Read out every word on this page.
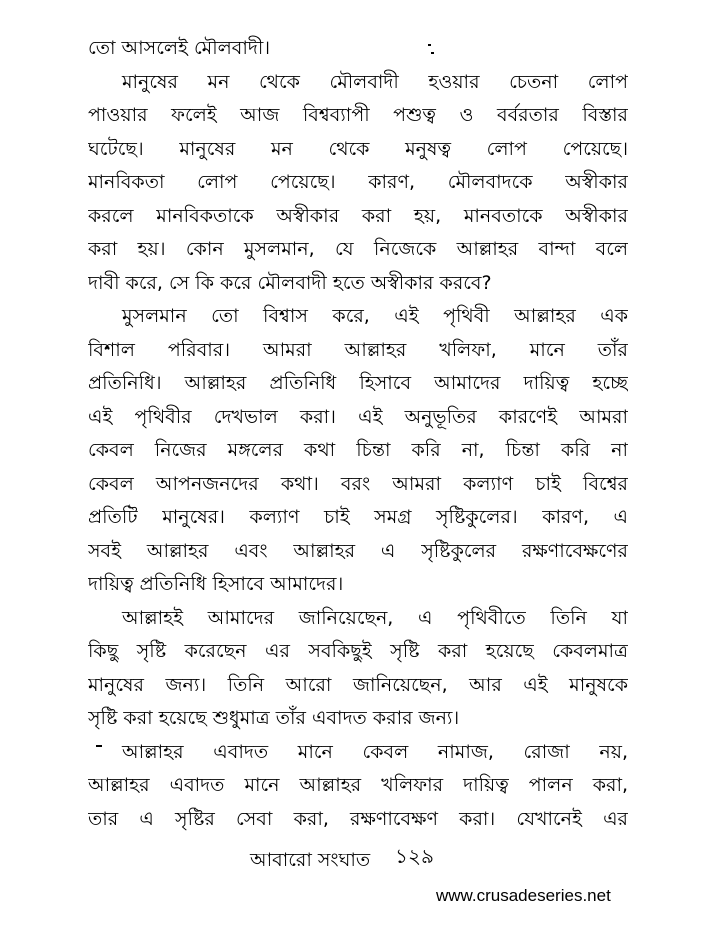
তো আসলেই মৌলবাদী।
মানুষের মন থেকে মৌলবাদী হওয়ার চেতনা লোপ
পাওয়ার ফলেই আজ বিশ্বব্যাপী পশুত্ব ও বর্বরতার বিস্তার
ঘটেছে। মানুষের মন থেকে মনুষত্ব লোপ পেয়েছে।
মানবিকতা লোপ পেয়েছে। কারণ, মৌলবাদকে অস্বীকার
করলে মানবিকতাকে অস্বীকার করা হয়, মানবতাকে অস্বীকার
করা হয়। কোন মুসলমান, যে নিজেকে আল্লাহর বান্দা বলে
দাবী করে, সে কি করে মৌলবাদী হতে অস্বীকার করবে?
মুসলমান তো বিশ্বাস করে, এই পৃথিবী আল্লাহর এক
বিশাল পরিবার। আমরা আল্লাহর খলিফা, মানে তাঁর
প্রতিনিধি। আল্লাহর প্রতিনিধি হিসাবে আমাদের দায়িত্ব হচ্ছে
এই পৃথিবীর দেখভাল করা। এই অনুভূতির কারণেই আমরা
কেবল নিজের মঙ্গলের কথা চিন্তা করি না, চিন্তা করি না
কেবল আপনজনদের কথা। বরং আমরা কল্যাণ চাই বিশ্বের
প্রতিটি মানুষের। কল্যাণ চাই সমগ্র সৃষ্টিকুলের। কারণ, এ
সবই আল্লাহর এবং আল্লাহর এ সৃষ্টিকুলের রক্ষণাবেক্ষণের
দায়িত্ব প্রতিনিধি হিসাবে আমাদের।
আল্লাহই আমাদের জানিয়েছেন, এ পৃথিবীতে তিনি যা
কিছু সৃষ্টি করেছেন এর সবকিছুই সৃষ্টি করা হয়েছে কেবলমাত্র
মানুষের জন্য। তিনি আরো জানিয়েছেন, আর এই মানুষকে
সৃষ্টি করা হয়েছে শুধুমাত্র তাঁর এবাদত করার জন্য।
আল্লাহর এবাদত মানে কেবল নামাজ, রোজা নয়,
আল্লাহর এবাদত মানে আল্লাহর খলিফার দায়িত্ব পালন করা,
তার এ সৃষ্টির সেবা করা, রক্ষণাবেক্ষণ করা। যেখানেই এর
আবারো সংঘাত ১২৯
www.crusadeseries.net
